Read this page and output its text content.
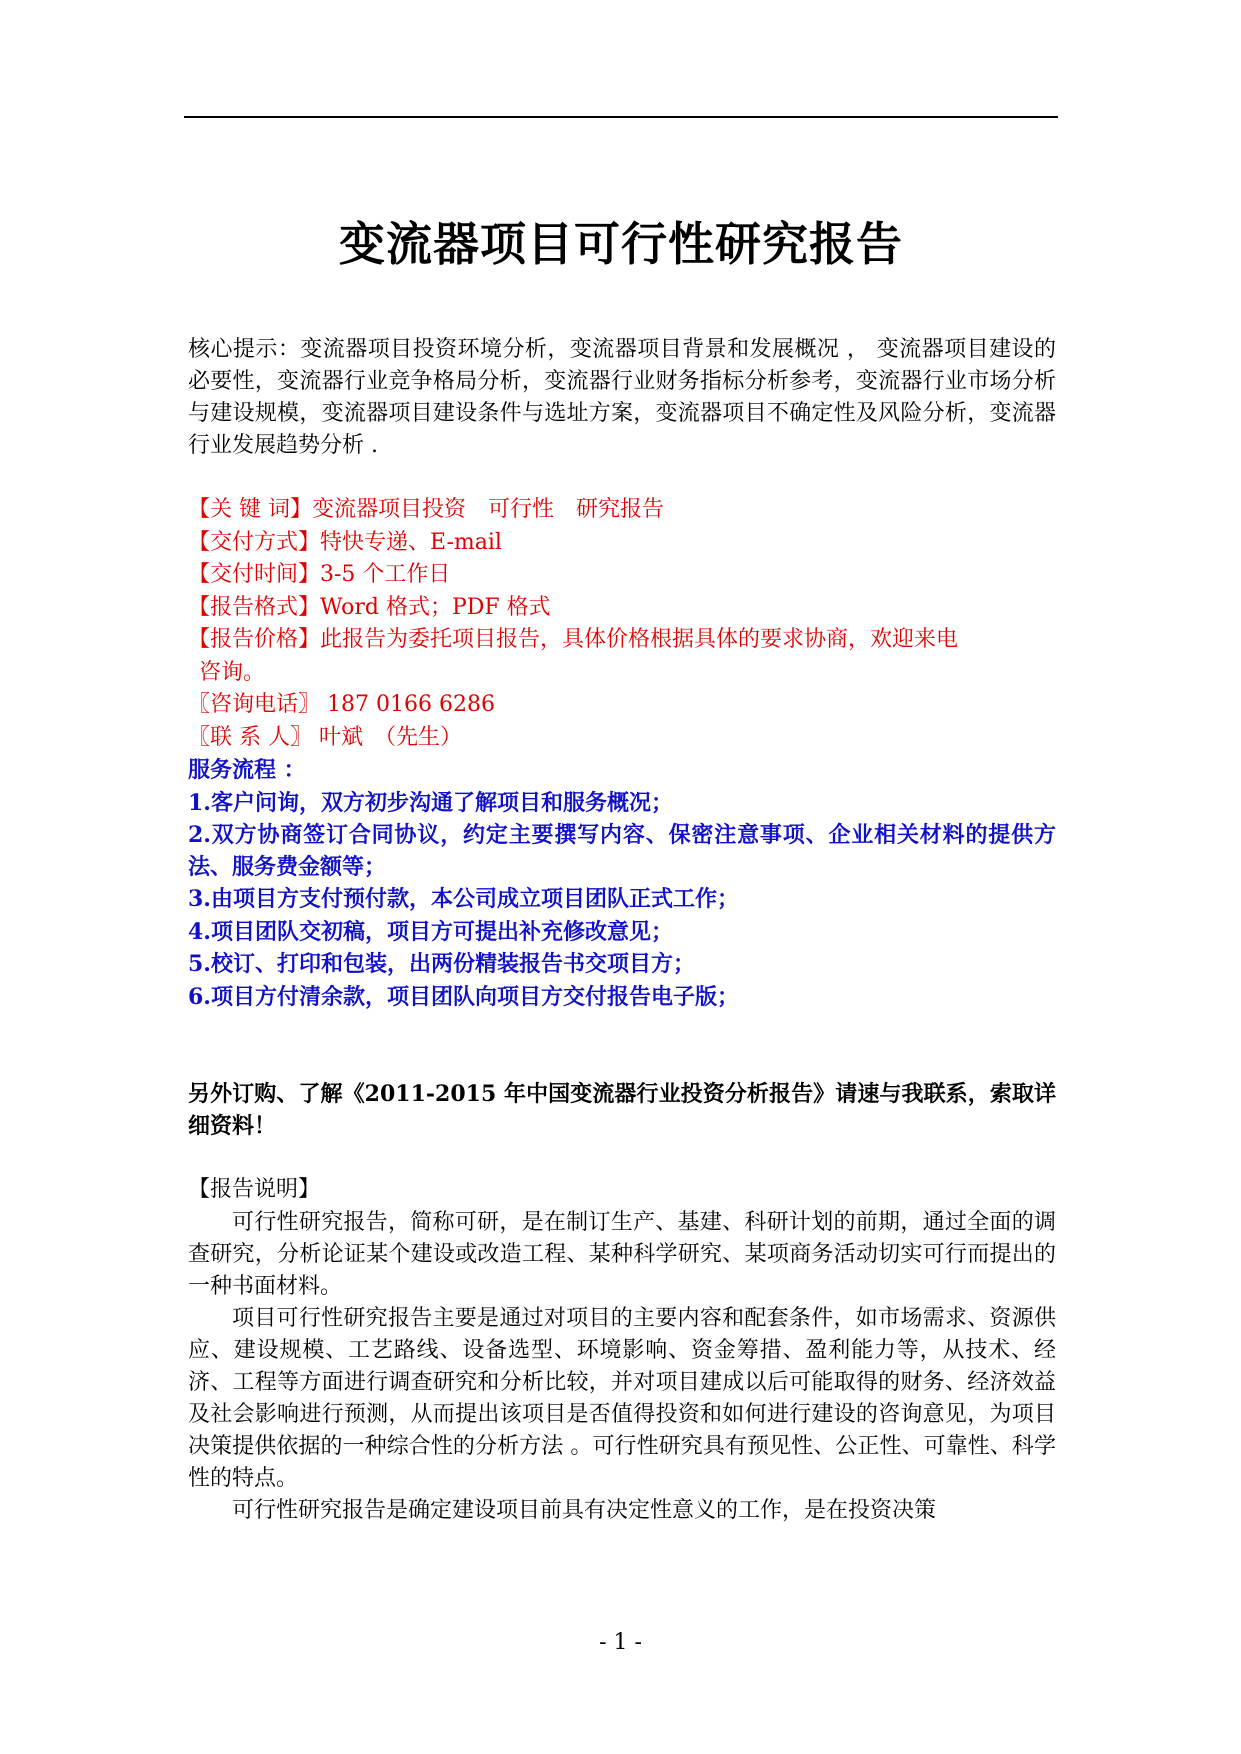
变流器项目可行性研究报告

核心提示：变流器项目投资环境分析，变流器项目背景和发展概况 ， 变流器项目建设的必要性，变流器行业竞争格局分析，变流器行业财务指标分析参考，变流器行业市场分析与建设规模，变流器项目建设条件与选址方案，变流器项目不确定性及风险分析，变流器行业发展趋势分析 .

【关 键 词】变流器项目投资　可行性　研究报告
【交付方式】特快专递、E-mail
【交付时间】3-5 个工作日
【报告格式】Word 格式；PDF 格式
【报告价格】此报告为委托项目报告，具体价格根据具体的要求协商，欢迎来电
咨询。
〖咨询电话〗 187 0166 6286
〖联 系 人〗 叶斌　（先生）
服务流程 ：
1.客户问询，双方初步沟通了解项目和服务概况；

2.双方协商签订合同协议，约定主要撰写内容、保密注意事项、企业相关材料的提供方法、服务费金额等；

3.由项目方支付预付款，本公司成立项目团队正式工作；
4.项目团队交初稿，项目方可提出补充修改意见；
5.校订、打印和包装，出两份精装报告书交项目方；
6.项目方付清余款，项目团队向项目方交付报告电子版；

另外订购、了解《2011-2015 年中国变流器行业投资分析报告》请速与我联系，索取详细资料！

【报告说明】

可行性研究报告，简称可研，是在制订生产、基建、科研计划的前期，通过全面的调查研究，分析论证某个建设或改造工程、某种科学研究、某项商务活动切实可行而提出的一种书面材料。

项目可行性研究报告主要是通过对项目的主要内容和配套条件，如市场需求、资源供应、建设规模、工艺路线、设备选型、环境影响、资金筹措、盈利能力等，从技术、经济、工程等方面进行调查研究和分析比较，并对项目建成以后可能取得的财务、经济效益及社会影响进行预测，从而提出该项目是否值得投资和如何进行建设的咨询意见，为项目决策提供依据的一种综合性的分析方法 。可行性研究具有预见性、公正性、可靠性、科学性的特点。

可行性研究报告是确定建设项目前具有决定性意义的工作，是在投资决策

- 1 -
